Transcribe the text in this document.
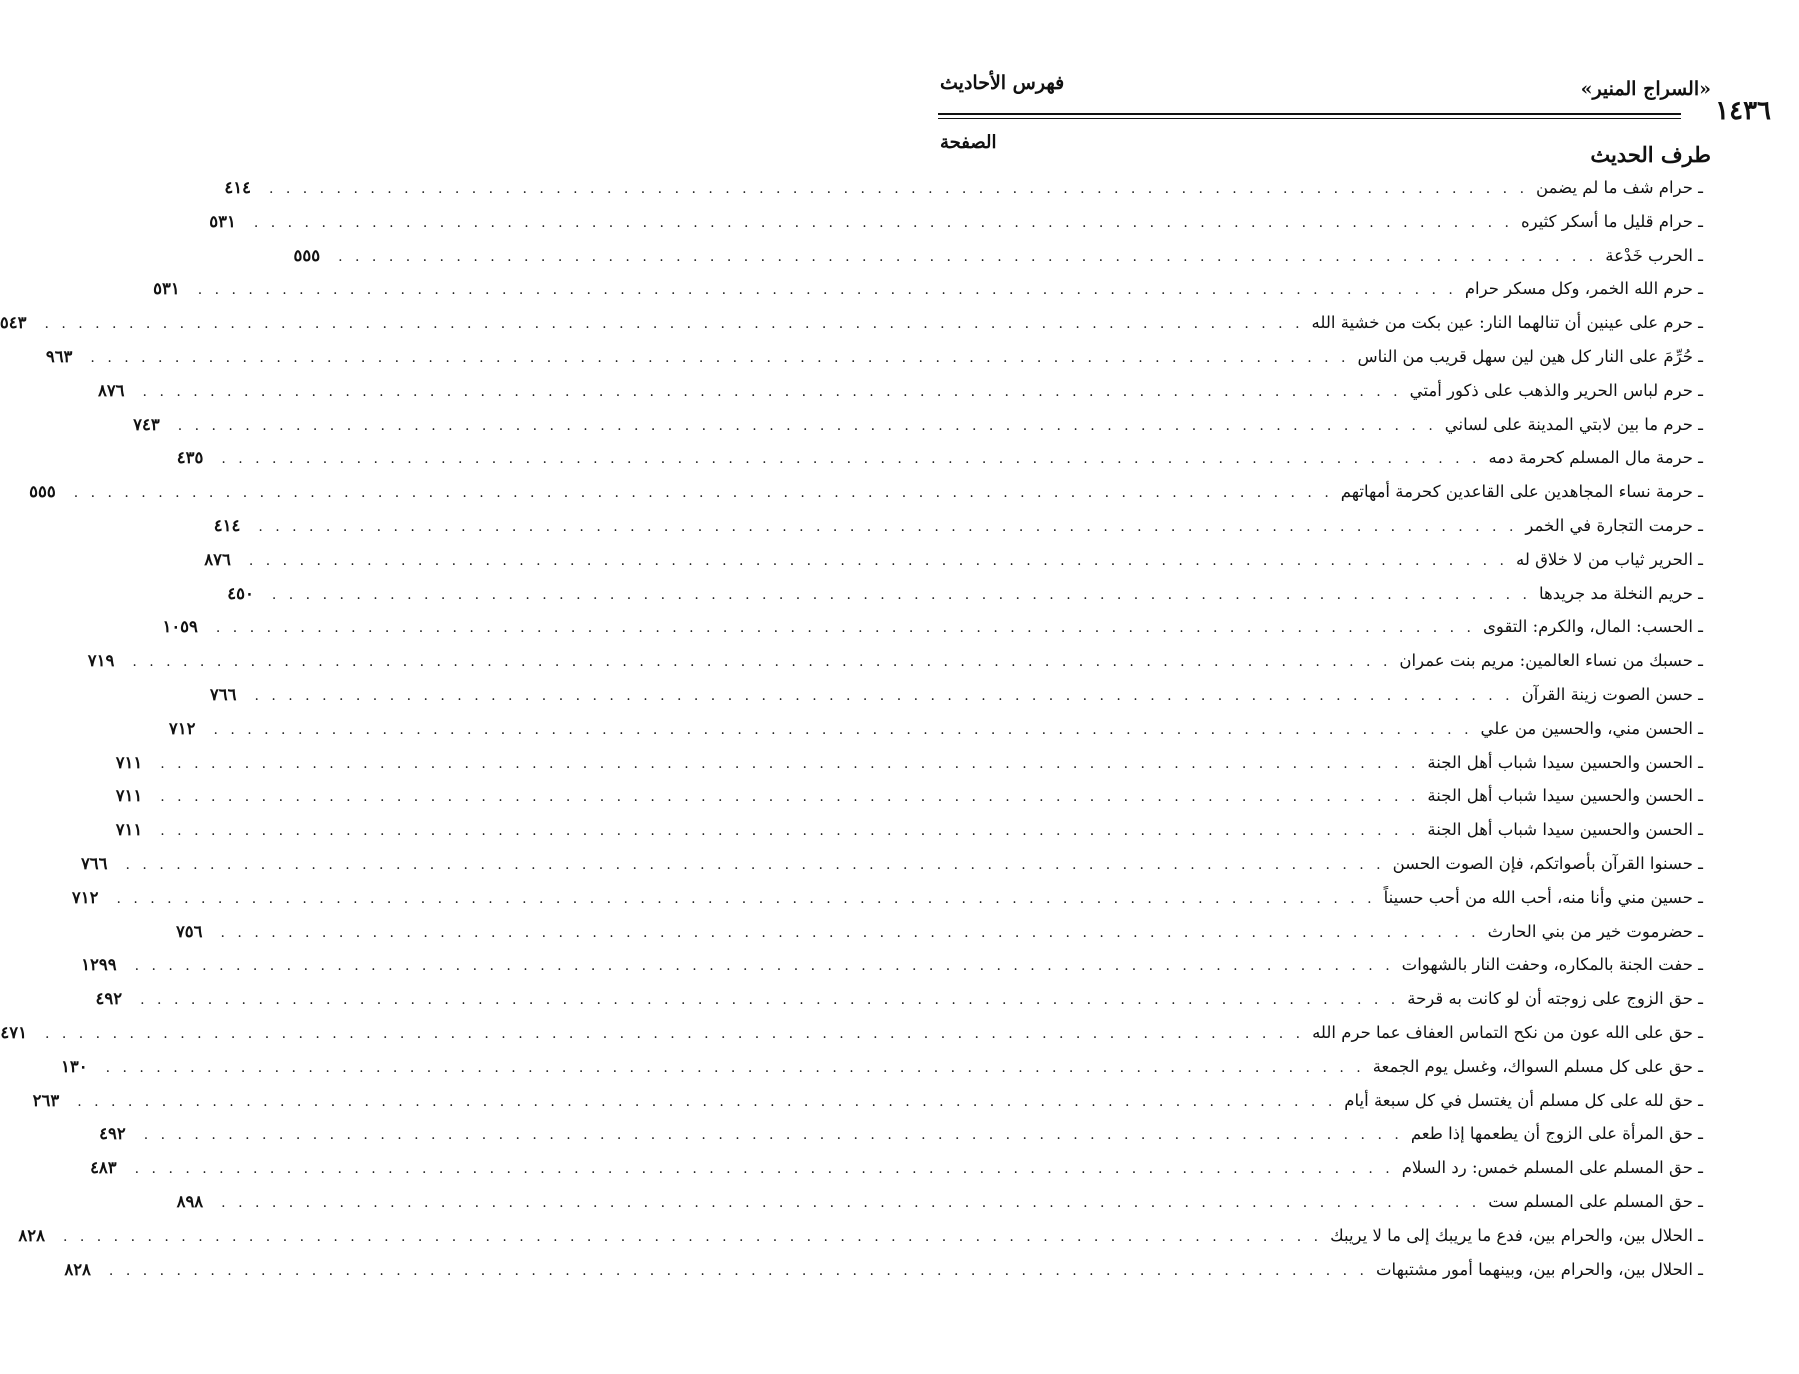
«السراج المنير»
فهرس الأحاديث
١٤٣٦
طرف الحديث
الصفحة
ـ حرام شف ما لم يضمن
. . . . . . . . . . . . . . . . . . . . . . . . . . . . . . . . . . . . . . . . . . . . . . . . . . . . . . . . . . . . . . . . . . . . . . . . . . .
٤١٤
ـ حرام قليل ما أسكر كثيره
. . . . . . . . . . . . . . . . . . . . . . . . . . . . . . . . . . . . . . . . . . . . . . . . . . . . . . . . . . . . . . . . . . . . . . . . . . .
٥٣١
ـ الحرب خَدْعة
. . . . . . . . . . . . . . . . . . . . . . . . . . . . . . . . . . . . . . . . . . . . . . . . . . . . . . . . . . . . . . . . . . . . . . . . . . .
٥٥٥
ـ حرم الله الخمر، وكل مسكر حرام
. . . . . . . . . . . . . . . . . . . . . . . . . . . . . . . . . . . . . . . . . . . . . . . . . . . . . . . . . . . . . . . . . . . . . . . . . . .
٥٣١
ـ حرم على عينين أن تنالهما النار: عين بكت من خشية الله
. . . . . . . . . . . . . . . . . . . . . . . . . . . . . . . . . . . . . . . . . . . . . . . . . . . . . . . . . . . . . . . . . . . . . . . . . . .
٥٤٣
ـ حُرِّمَ على النار كل هين لين سهل قريب من الناس
. . . . . . . . . . . . . . . . . . . . . . . . . . . . . . . . . . . . . . . . . . . . . . . . . . . . . . . . . . . . . . . . . . . . . . . . . . .
٩٦٣
ـ حرم لباس الحرير والذهب على ذكور أمتي
. . . . . . . . . . . . . . . . . . . . . . . . . . . . . . . . . . . . . . . . . . . . . . . . . . . . . . . . . . . . . . . . . . . . . . . . . . .
٨٧٦
ـ حرم ما بين لابتي المدينة على لساني
. . . . . . . . . . . . . . . . . . . . . . . . . . . . . . . . . . . . . . . . . . . . . . . . . . . . . . . . . . . . . . . . . . . . . . . . . . .
٧٤٣
ـ حرمة مال المسلم كحرمة دمه
. . . . . . . . . . . . . . . . . . . . . . . . . . . . . . . . . . . . . . . . . . . . . . . . . . . . . . . . . . . . . . . . . . . . . . . . . . .
٤٣٥
ـ حرمة نساء المجاهدين على القاعدين كحرمة أمهاتهم
. . . . . . . . . . . . . . . . . . . . . . . . . . . . . . . . . . . . . . . . . . . . . . . . . . . . . . . . . . . . . . . . . . . . . . . . . . .
٥٥٥
ـ حرمت التجارة في الخمر
. . . . . . . . . . . . . . . . . . . . . . . . . . . . . . . . . . . . . . . . . . . . . . . . . . . . . . . . . . . . . . . . . . . . . . . . . . .
٤١٤
ـ الحرير ثياب من لا خلاق له
. . . . . . . . . . . . . . . . . . . . . . . . . . . . . . . . . . . . . . . . . . . . . . . . . . . . . . . . . . . . . . . . . . . . . . . . . . .
٨٧٦
ـ حريم النخلة مد جريدها
. . . . . . . . . . . . . . . . . . . . . . . . . . . . . . . . . . . . . . . . . . . . . . . . . . . . . . . . . . . . . . . . . . . . . . . . . . .
٤٥٠
ـ الحسب: المال، والكرم: التقوى
. . . . . . . . . . . . . . . . . . . . . . . . . . . . . . . . . . . . . . . . . . . . . . . . . . . . . . . . . . . . . . . . . . . . . . . . . . .
١٠٥٩
ـ حسبك من نساء العالمين: مريم بنت عمران
. . . . . . . . . . . . . . . . . . . . . . . . . . . . . . . . . . . . . . . . . . . . . . . . . . . . . . . . . . . . . . . . . . . . . . . . . . .
٧١٩
ـ حسن الصوت زينة القرآن
. . . . . . . . . . . . . . . . . . . . . . . . . . . . . . . . . . . . . . . . . . . . . . . . . . . . . . . . . . . . . . . . . . . . . . . . . . .
٧٦٦
ـ الحسن مني، والحسين من علي
. . . . . . . . . . . . . . . . . . . . . . . . . . . . . . . . . . . . . . . . . . . . . . . . . . . . . . . . . . . . . . . . . . . . . . . . . . .
٧١٢
ـ الحسن والحسين سيدا شباب أهل الجنة
. . . . . . . . . . . . . . . . . . . . . . . . . . . . . . . . . . . . . . . . . . . . . . . . . . . . . . . . . . . . . . . . . . . . . . . . . . .
٧١١
ـ الحسن والحسين سيدا شباب أهل الجنة
. . . . . . . . . . . . . . . . . . . . . . . . . . . . . . . . . . . . . . . . . . . . . . . . . . . . . . . . . . . . . . . . . . . . . . . . . . .
٧١١
ـ الحسن والحسين سيدا شباب أهل الجنة
. . . . . . . . . . . . . . . . . . . . . . . . . . . . . . . . . . . . . . . . . . . . . . . . . . . . . . . . . . . . . . . . . . . . . . . . . . .
٧١١
ـ حسنوا القرآن بأصواتكم، فإن الصوت الحسن
. . . . . . . . . . . . . . . . . . . . . . . . . . . . . . . . . . . . . . . . . . . . . . . . . . . . . . . . . . . . . . . . . . . . . . . . . . .
٧٦٦
ـ حسين مني وأنا منه، أحب الله من أحب حسيناً
. . . . . . . . . . . . . . . . . . . . . . . . . . . . . . . . . . . . . . . . . . . . . . . . . . . . . . . . . . . . . . . . . . . . . . . . . . .
٧١٢
ـ حضرموت خير من بني الحارث
. . . . . . . . . . . . . . . . . . . . . . . . . . . . . . . . . . . . . . . . . . . . . . . . . . . . . . . . . . . . . . . . . . . . . . . . . . .
٧٥٦
ـ حفت الجنة بالمكاره، وحفت النار بالشهوات
. . . . . . . . . . . . . . . . . . . . . . . . . . . . . . . . . . . . . . . . . . . . . . . . . . . . . . . . . . . . . . . . . . . . . . . . . . .
١٢٩٩
ـ حق الزوج على زوجته أن لو كانت به قرحة
. . . . . . . . . . . . . . . . . . . . . . . . . . . . . . . . . . . . . . . . . . . . . . . . . . . . . . . . . . . . . . . . . . . . . . . . . . .
٤٩٢
ـ حق على الله عون من نكح التماس العفاف عما حرم الله
. . . . . . . . . . . . . . . . . . . . . . . . . . . . . . . . . . . . . . . . . . . . . . . . . . . . . . . . . . . . . . . . . . . . . . . . . . .
٤٧١
ـ حق على كل مسلم السواك، وغسل يوم الجمعة
. . . . . . . . . . . . . . . . . . . . . . . . . . . . . . . . . . . . . . . . . . . . . . . . . . . . . . . . . . . . . . . . . . . . . . . . . . .
١٣٠
ـ حق لله على كل مسلم أن يغتسل في كل سبعة أيام
. . . . . . . . . . . . . . . . . . . . . . . . . . . . . . . . . . . . . . . . . . . . . . . . . . . . . . . . . . . . . . . . . . . . . . . . . . .
٢٦٣
ـ حق المرأة على الزوج أن يطعمها إذا طعم
. . . . . . . . . . . . . . . . . . . . . . . . . . . . . . . . . . . . . . . . . . . . . . . . . . . . . . . . . . . . . . . . . . . . . . . . . . .
٤٩٢
ـ حق المسلم على المسلم خمس: رد السلام
. . . . . . . . . . . . . . . . . . . . . . . . . . . . . . . . . . . . . . . . . . . . . . . . . . . . . . . . . . . . . . . . . . . . . . . . . . .
٤٨٣
ـ حق المسلم على المسلم ست
. . . . . . . . . . . . . . . . . . . . . . . . . . . . . . . . . . . . . . . . . . . . . . . . . . . . . . . . . . . . . . . . . . . . . . . . . . .
٨٩٨
ـ الحلال بين، والحرام بين، فدع ما يريبك إلى ما لا يريبك
. . . . . . . . . . . . . . . . . . . . . . . . . . . . . . . . . . . . . . . . . . . . . . . . . . . . . . . . . . . . . . . . . . . . . . . . . . .
٨٢٨
ـ الحلال بين، والحرام بين، وبينهما أمور مشتبهات
. . . . . . . . . . . . . . . . . . . . . . . . . . . . . . . . . . . . . . . . . . . . . . . . . . . . . . . . . . . . . . . . . . . . . . . . . . .
٨٢٨
